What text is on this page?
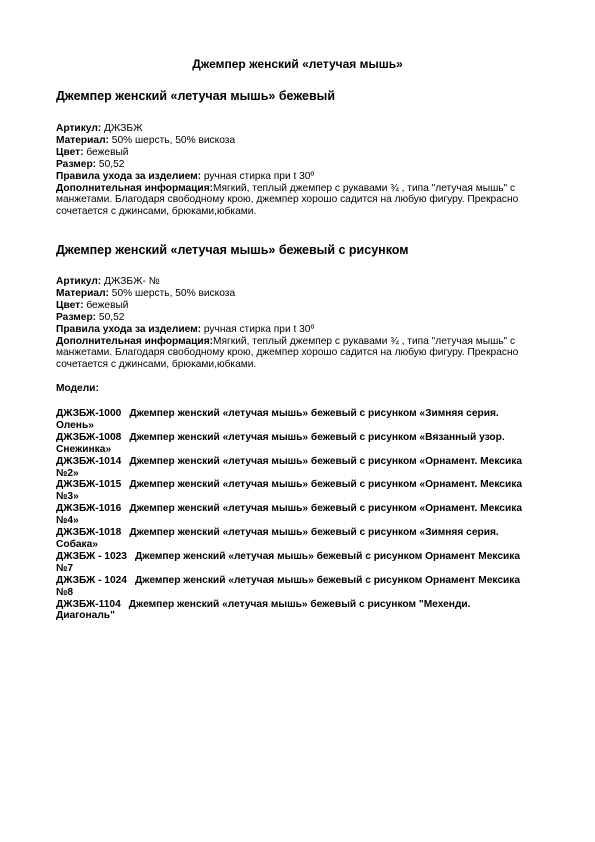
Джемпер женский «летучая мышь»
Джемпер женский «летучая мышь» бежевый

Артикул: ДЖЗБЖ

Материал: 50% шерсть, 50% вискоза

Цвет: бежевый

Размер: 50,52

Правила ухода за изделием: ручная стирка при t 30º

Дополнительная информация:Мягкий, теплый джемпер с рукавами ¾ , типа "летучая мышь" с манжетами. Благодаря свободному крою, джемпер хорошо садится на любую фигуру. Прекрасно сочетается с джинсами, брюками,юбками.

Джемпер женский «летучая мышь» бежевый с рисунком

Артикул: ДЖЗБЖ- №

Материал: 50% шерсть, 50% вискоза

Цвет: бежевый

Размер: 50,52

Правила ухода за изделием: ручная стирка при t 30º

Дополнительная информация:Мягкий, теплый джемпер с рукавами ¾ , типа "летучая мышь" с манжетами. Благодаря свободному крою, джемпер хорошо садится на любую фигуру. Прекрасно сочетается с джинсами, брюками,юбками.

Модели:
ДЖЗБЖ-1000 Джемпер женский «летучая мышь» бежевый с рисунком «Зимняя серия. Олень»
ДЖЗБЖ-1008 Джемпер женский «летучая мышь» бежевый с рисунком «Вязанный узор. Снежинка»
ДЖЗБЖ-1014 Джемпер женский «летучая мышь» бежевый с рисунком «Орнамент. Мексика №2»
ДЖЗБЖ-1015 Джемпер женский «летучая мышь» бежевый с рисунком «Орнамент. Мексика №3»
ДЖЗБЖ-1016 Джемпер женский «летучая мышь» бежевый с рисунком «Орнамент. Мексика №4»
ДЖЗБЖ-1018 Джемпер женский «летучая мышь» бежевый с рисунком «Зимняя серия. Собака»
ДЖЗБЖ - 1023 Джемпер женский «летучая мышь» бежевый с рисунком Орнамент Мексика №7
ДЖЗБЖ - 1024 Джемпер женский «летучая мышь» бежевый с рисунком Орнамент Мексика №8
ДЖЗБЖ-1104 Джемпер женский «летучая мышь» бежевый с рисунком "Мехенди. Диагональ"
